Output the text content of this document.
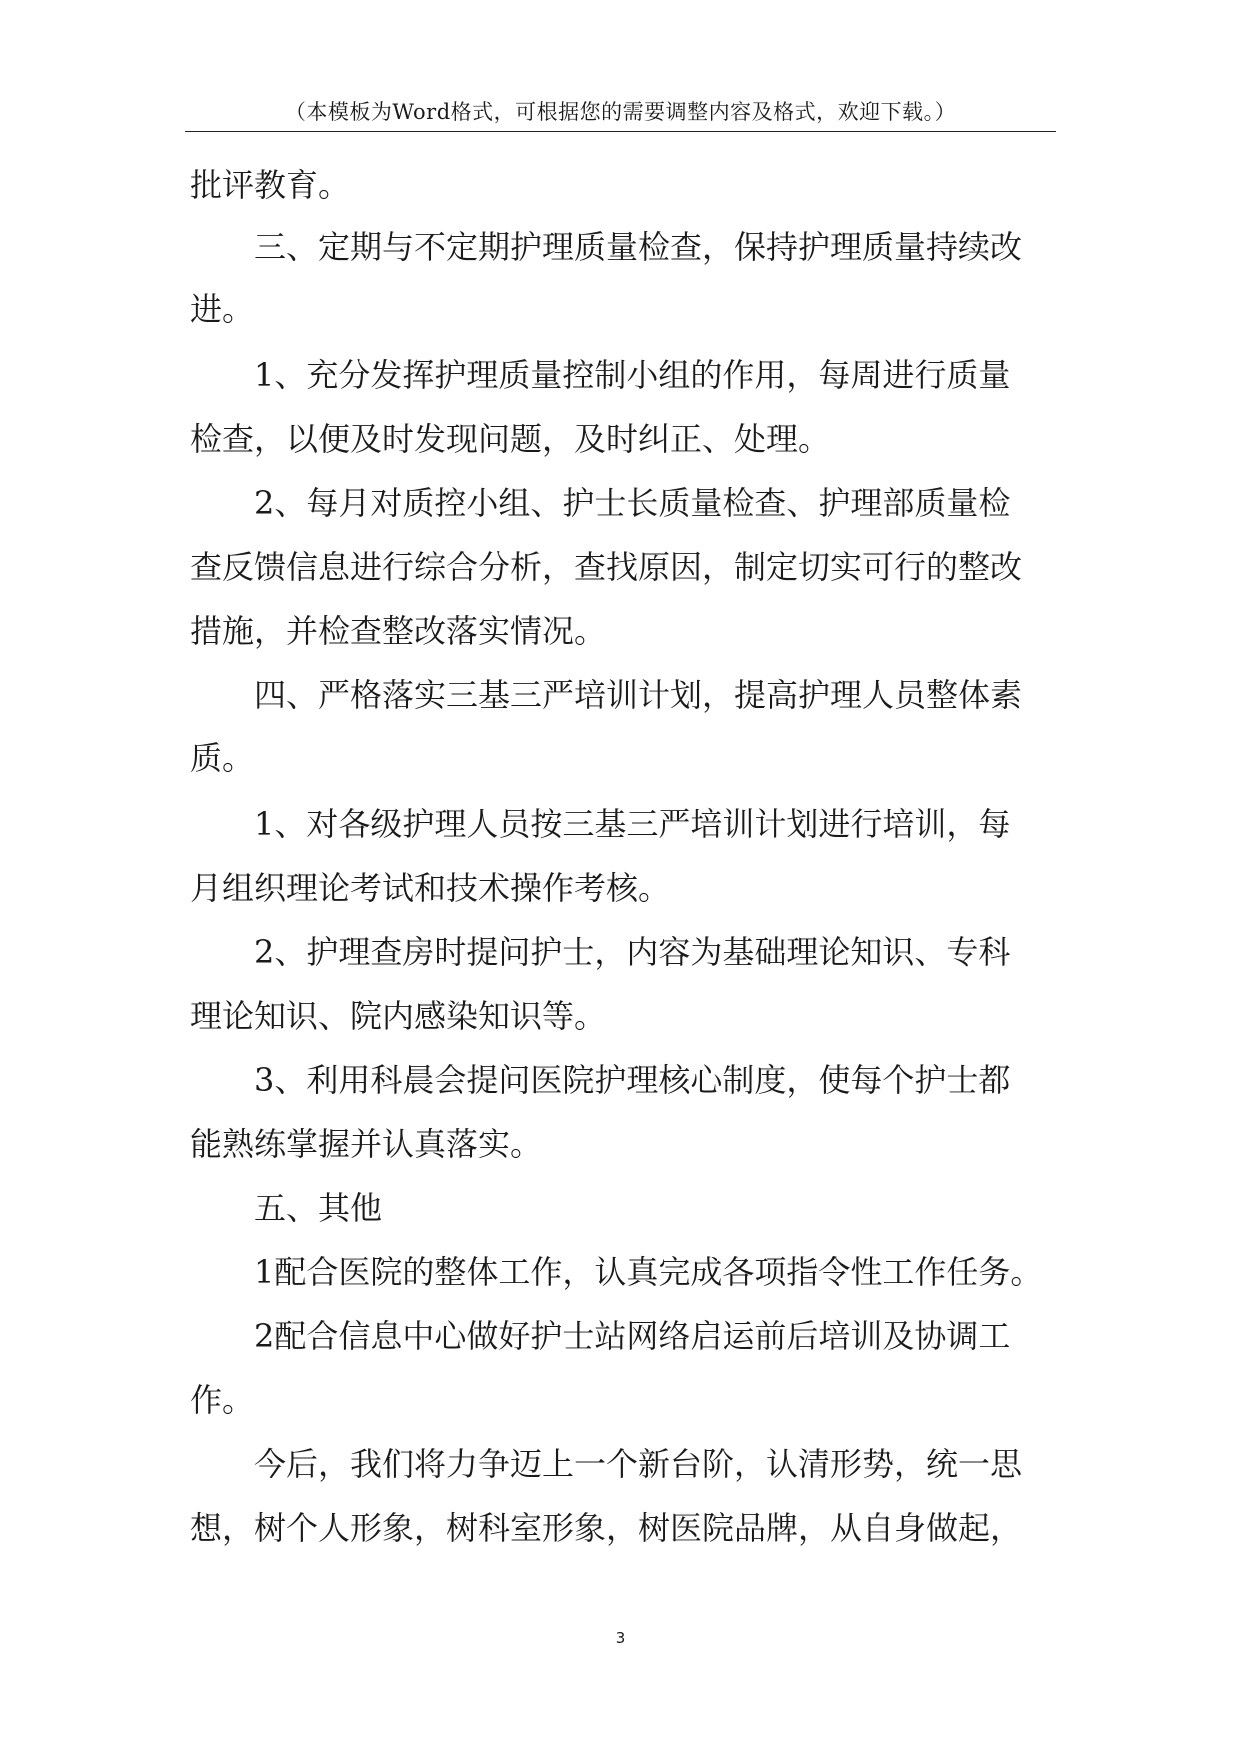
（本模板为Word格式，可根据您的需要调整内容及格式，欢迎下载。）
批评教育。
三、定期与不定期护理质量检查，保持护理质量持续改
进。
1、充分发挥护理质量控制小组的作用，每周进行质量
检查，以便及时发现问题，及时纠正、处理。
2、每月对质控小组、护士长质量检查、护理部质量检
查反馈信息进行综合分析，查找原因，制定切实可行的整改
措施，并检查整改落实情况。
四、严格落实三基三严培训计划，提高护理人员整体素
质。
1、对各级护理人员按三基三严培训计划进行培训，每
月组织理论考试和技术操作考核。
2、护理查房时提问护士，内容为基础理论知识、专科
理论知识、院内感染知识等。
3、利用科晨会提问医院护理核心制度，使每个护士都
能熟练掌握并认真落实。
五、其他
1配合医院的整体工作，认真完成各项指令性工作任务。
2配合信息中心做好护士站网络启运前后培训及协调工
作。
今后，我们将力争迈上一个新台阶，认清形势，统一思
想，树个人形象，树科室形象，树医院品牌，从自身做起，
3
